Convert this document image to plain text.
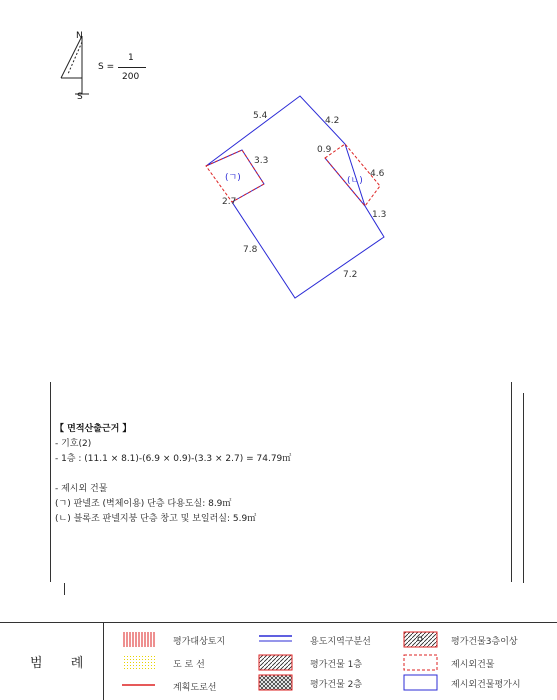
N
S
S =
1
200
5.4	4.2
4.6
1.3
7.2
7.8
3.3
2.7
0.9
(ㄱ)	(ㄴ)
【 면적산출근거 】
- 기호(2)
- 1층 : (11.1 × 8.1)-(6.9 × 0.9)-(3.3 × 2.7) = 74.79㎡
- 제시외 건물
(ㄱ) 판넬조 (벽체이용) 단층 다용도실: 8.9㎡
(ㄴ) 블록조 판넬지붕 단층 창고 및 보일러실: 5.9㎡
범 례
평가대상토지
도 로 선
계획도로선
용도지역구분선
평가건물 1층
평가건물 2층
평가건물3층이상
제시외건물
제시외건물평가시
